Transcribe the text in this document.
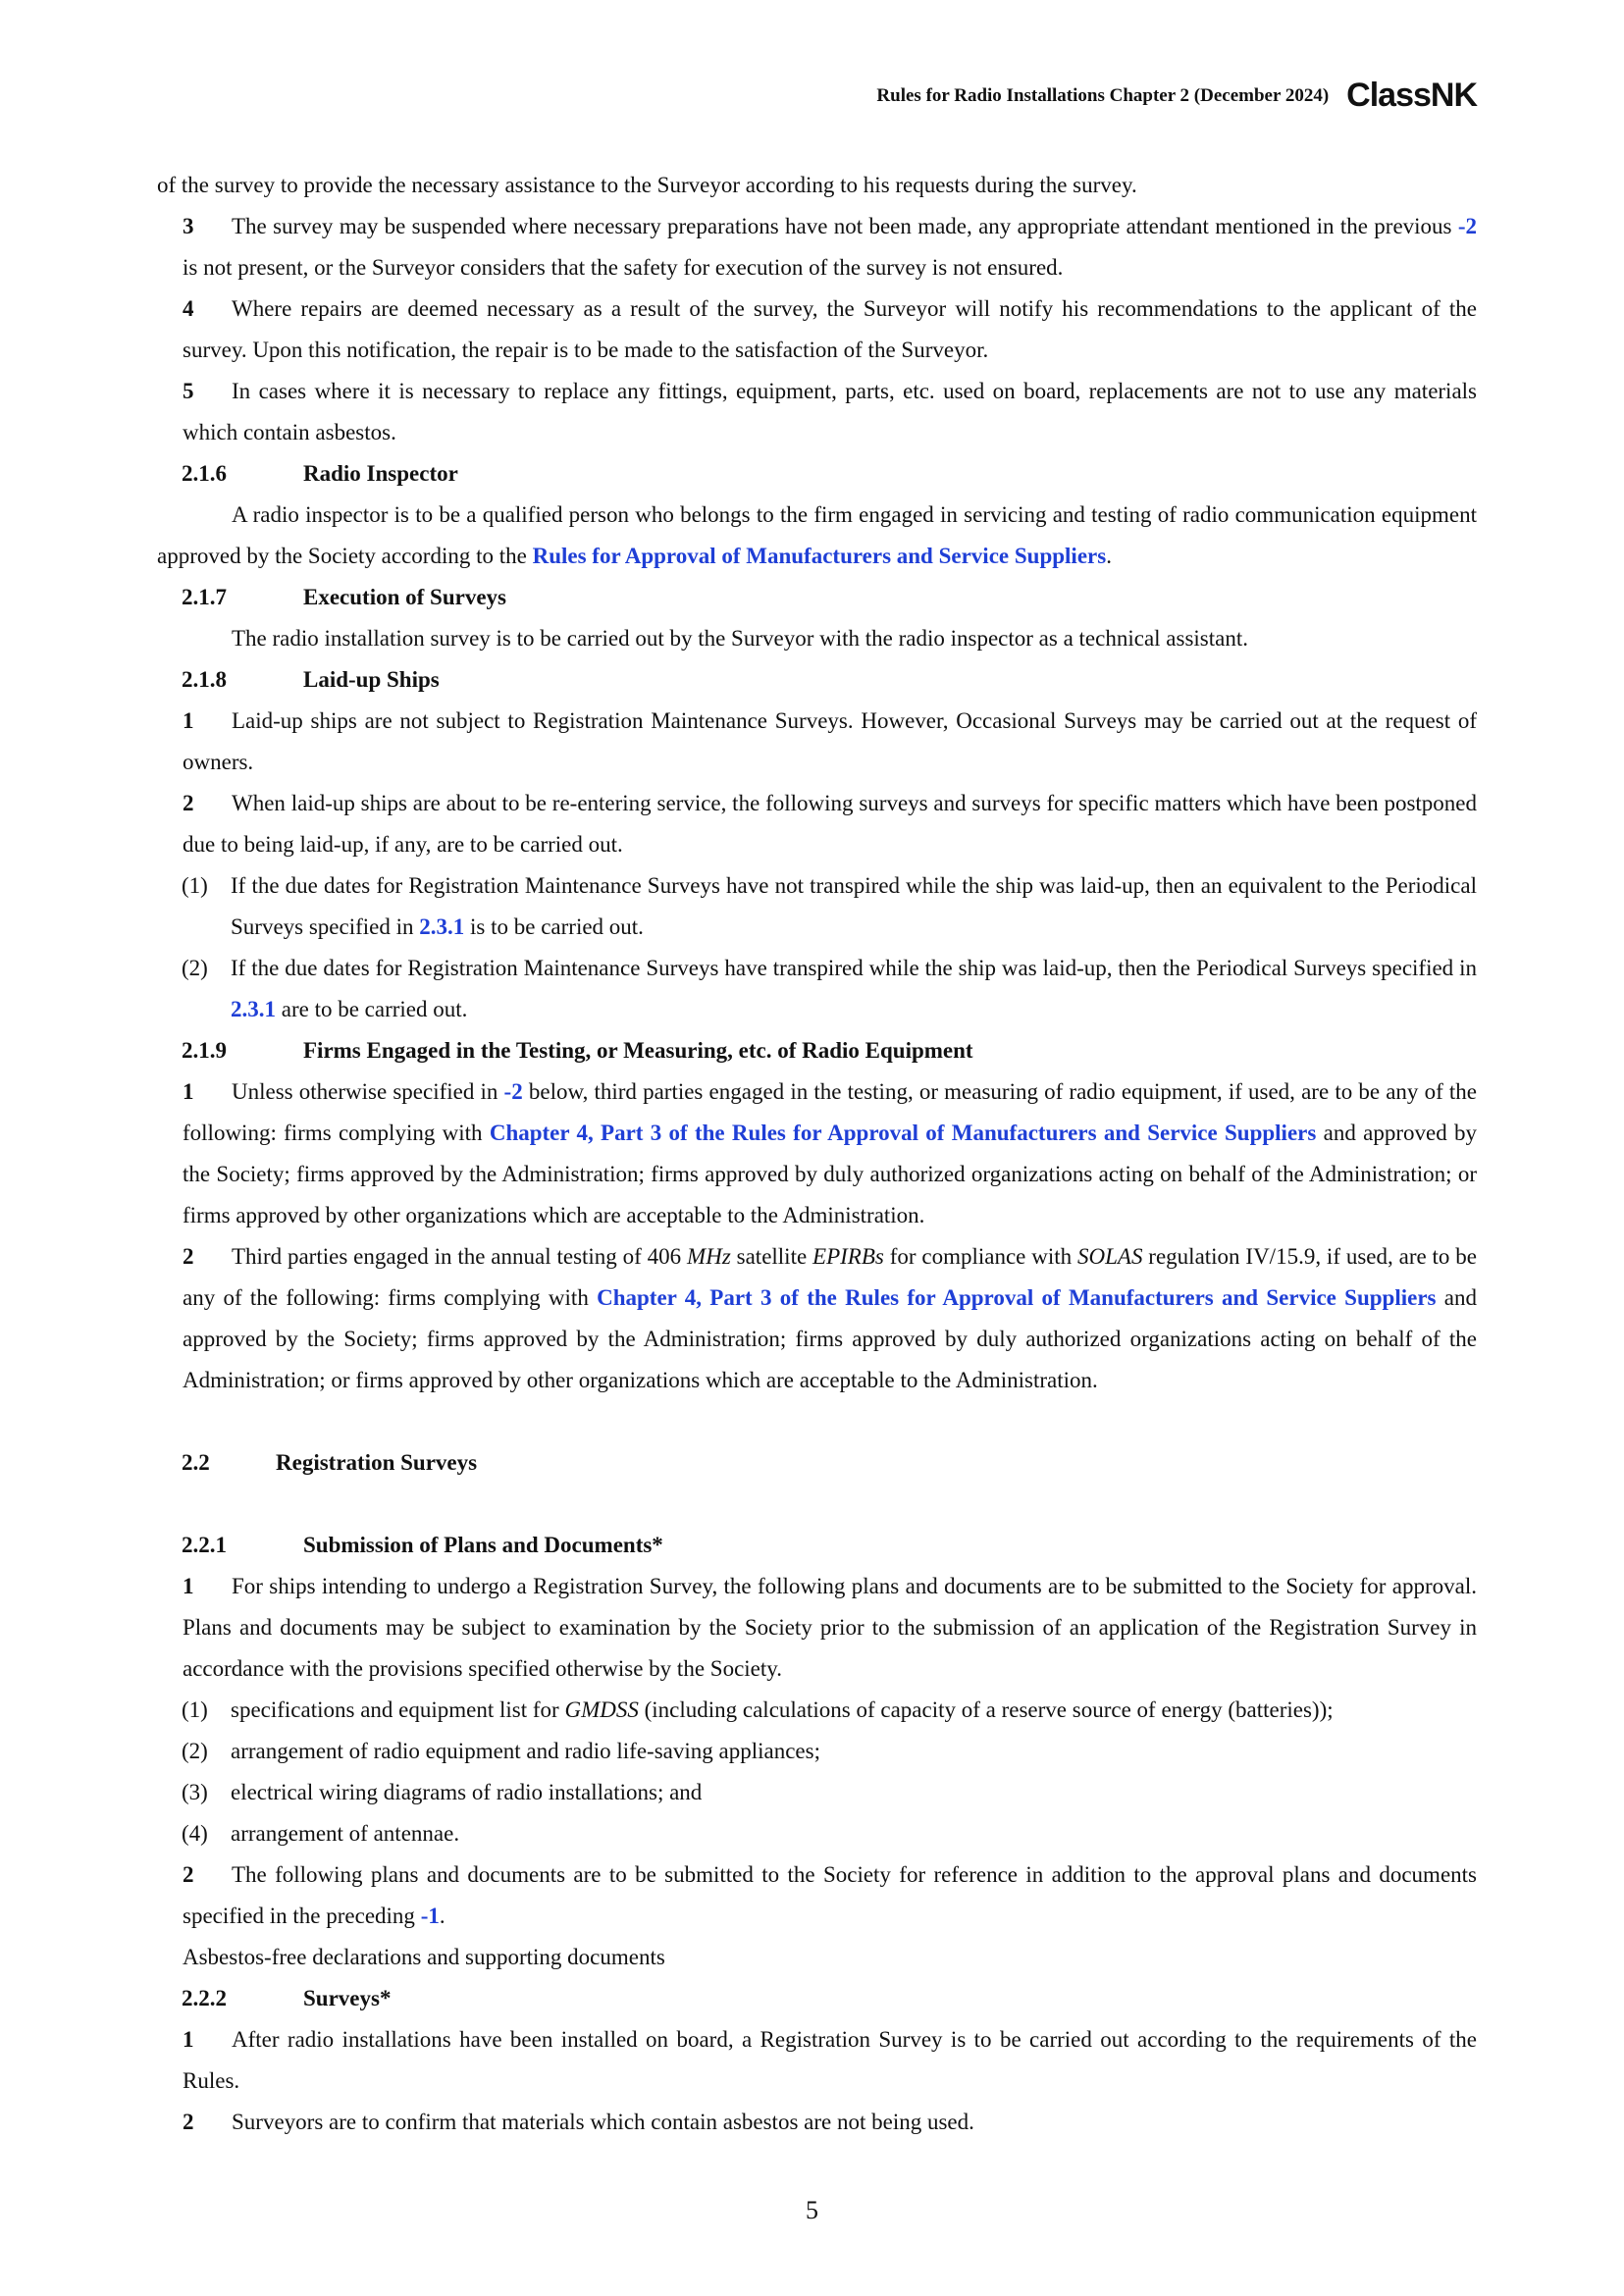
Rules for Radio Installations Chapter 2 (December 2024) ClassNK

of the survey to provide the necessary assistance to the Surveyor according to his requests during the survey.

3 The survey may be suspended where necessary preparations have not been made, any appropriate attendant mentioned in the previous -2 is not present, or the Surveyor considers that the safety for execution of the survey is not ensured.

4 Where repairs are deemed necessary as a result of the survey, the Surveyor will notify his recommendations to the applicant of the survey. Upon this notification, the repair is to be made to the satisfaction of the Surveyor.

5 In cases where it is necessary to replace any fittings, equipment, parts, etc. used on board, replacements are not to use any materials which contain asbestos.

2.1.6	Radio Inspector

A radio inspector is to be a qualified person who belongs to the firm engaged in servicing and testing of radio communication equipment approved by the Society according to the Rules for Approval of Manufacturers and Service Suppliers.

2.1.7	Execution of Surveys

The radio installation survey is to be carried out by the Surveyor with the radio inspector as a technical assistant.

2.1.8	Laid-up Ships

1 Laid-up ships are not subject to Registration Maintenance Surveys. However, Occasional Surveys may be carried out at the request of owners.

2 When laid-up ships are about to be re-entering service, the following surveys and surveys for specific matters which have been postponed due to being laid-up, if any, are to be carried out.

(1) If the due dates for Registration Maintenance Surveys have not transpired while the ship was laid-up, then an equivalent to the Periodical Surveys specified in 2.3.1 is to be carried out.

(2) If the due dates for Registration Maintenance Surveys have transpired while the ship was laid-up, then the Periodical Surveys specified in 2.3.1 are to be carried out.

2.1.9	Firms Engaged in the Testing, or Measuring, etc. of Radio Equipment

1 Unless otherwise specified in -2 below, third parties engaged in the testing, or measuring of radio equipment, if used, are to be any of the following: firms complying with Chapter 4, Part 3 of the Rules for Approval of Manufacturers and Service Suppliers and approved by the Society; firms approved by the Administration; firms approved by duly authorized organizations acting on behalf of the Administration; or firms approved by other organizations which are acceptable to the Administration.

2 Third parties engaged in the annual testing of 406 MHz satellite EPIRBs for compliance with SOLAS regulation IV/15.9, if used, are to be any of the following: firms complying with Chapter 4, Part 3 of the Rules for Approval of Manufacturers and Service Suppliers and approved by the Society; firms approved by the Administration; firms approved by duly authorized organizations acting on behalf of the Administration; or firms approved by other organizations which are acceptable to the Administration.

2.2	Registration Surveys

2.2.1	Submission of Plans and Documents*

1 For ships intending to undergo a Registration Survey, the following plans and documents are to be submitted to the Society for approval. Plans and documents may be subject to examination by the Society prior to the submission of an application of the Registration Survey in accordance with the provisions specified otherwise by the Society.

(1) specifications and equipment list for GMDSS (including calculations of capacity of a reserve source of energy (batteries));

(2) arrangement of radio equipment and radio life-saving appliances;

(3) electrical wiring diagrams of radio installations; and

(4) arrangement of antennae.

2 The following plans and documents are to be submitted to the Society for reference in addition to the approval plans and documents specified in the preceding -1.

Asbestos-free declarations and supporting documents

2.2.2	Surveys*

1 After radio installations have been installed on board, a Registration Survey is to be carried out according to the requirements of the Rules.

2 Surveyors are to confirm that materials which contain asbestos are not being used.

5
